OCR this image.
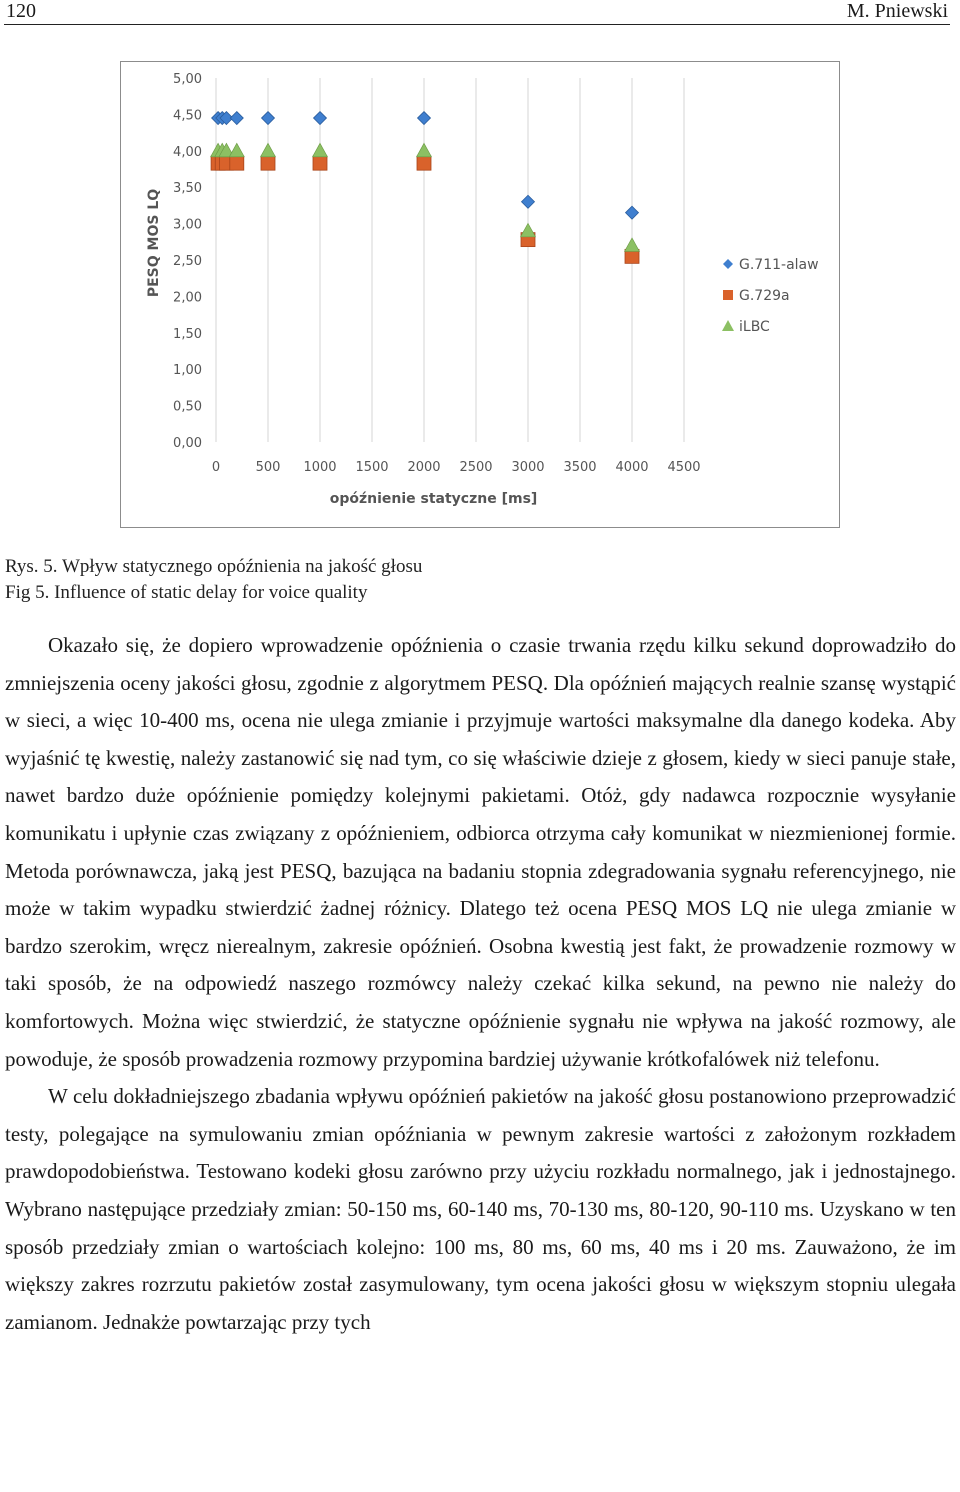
120	M. Pniewski
0	500 1000 1500 2000 2500 3000 3500 4000 4500
0,00
0,50
1,00
1,50
2,00
2,50
3,00
3,50
4,00
4,50
5,00
opóźnienie statyczne [ms]
PESQ MOS LQ	G.711-alaw
G.729a
iLBC
Rys. 5. Wpływ statycznego opóźnienia na jakość głosu
Fig 5. Influence of static delay for voice quality

Okazało się, że dopiero wprowadzenie opóźnienia o czasie trwania rzędu kilku sekund doprowadziło do zmniejszenia oceny jakości głosu, zgodnie z algorytmem PESQ. Dla opóźnień mających realnie szansę wystąpić w sieci, a więc 10-400 ms, ocena nie ulega zmianie i przyjmuje wartości maksymalne dla danego kodeka. Aby wyjaśnić tę kwestię, należy zastanowić się nad tym, co się właściwie dzieje z głosem, kiedy w sieci panuje stałe, nawet bardzo duże opóźnienie pomiędzy kolejnymi pakietami. Otóż, gdy nadawca rozpocznie wysyłanie komunikatu i upłynie czas związany z opóźnieniem, odbiorca otrzyma cały komunikat w niezmienionej formie. Metoda porównawcza, jaką jest PESQ, bazująca na badaniu stopnia zdegradowania sygnału referencyjnego, nie może w takim wypadku stwierdzić żadnej różnicy. Dlatego też ocena PESQ MOS LQ nie ulega zmianie w bardzo szerokim, wręcz nierealnym, zakresie opóźnień. Osobna kwestią jest fakt, że prowadzenie rozmowy w taki sposób, że na odpowiedź naszego rozmówcy należy czekać kilka sekund, na pewno nie należy do komfortowych. Można więc stwierdzić, że statyczne opóźnienie sygnału nie wpływa na jakość rozmowy, ale powoduje, że sposób prowadzenia rozmowy przypomina bardziej używanie krótkofalówek niż telefonu.

W celu dokładniejszego zbadania wpływu opóźnień pakietów na jakość głosu postanowiono przeprowadzić testy, polegające na symulowaniu zmian opóźniania w pewnym zakresie wartości z założonym rozkładem prawdopodobieństwa. Testowano kodeki głosu zarówno przy użyciu rozkładu normalnego, jak i jednostajnego. Wybrano następujące przedziały zmian: 50-150 ms, 60-140 ms, 70-130 ms, 80-120, 90-110 ms. Uzyskano w ten sposób przedziały zmian o wartościach kolejno: 100 ms, 80 ms, 60 ms, 40 ms i 20 ms. Zauważono, że im większy zakres rozrzutu pakietów został zasymulowany, tym ocena jakości głosu w większym stopniu ulegała zamianom. Jednakże powtarzając przy tych
